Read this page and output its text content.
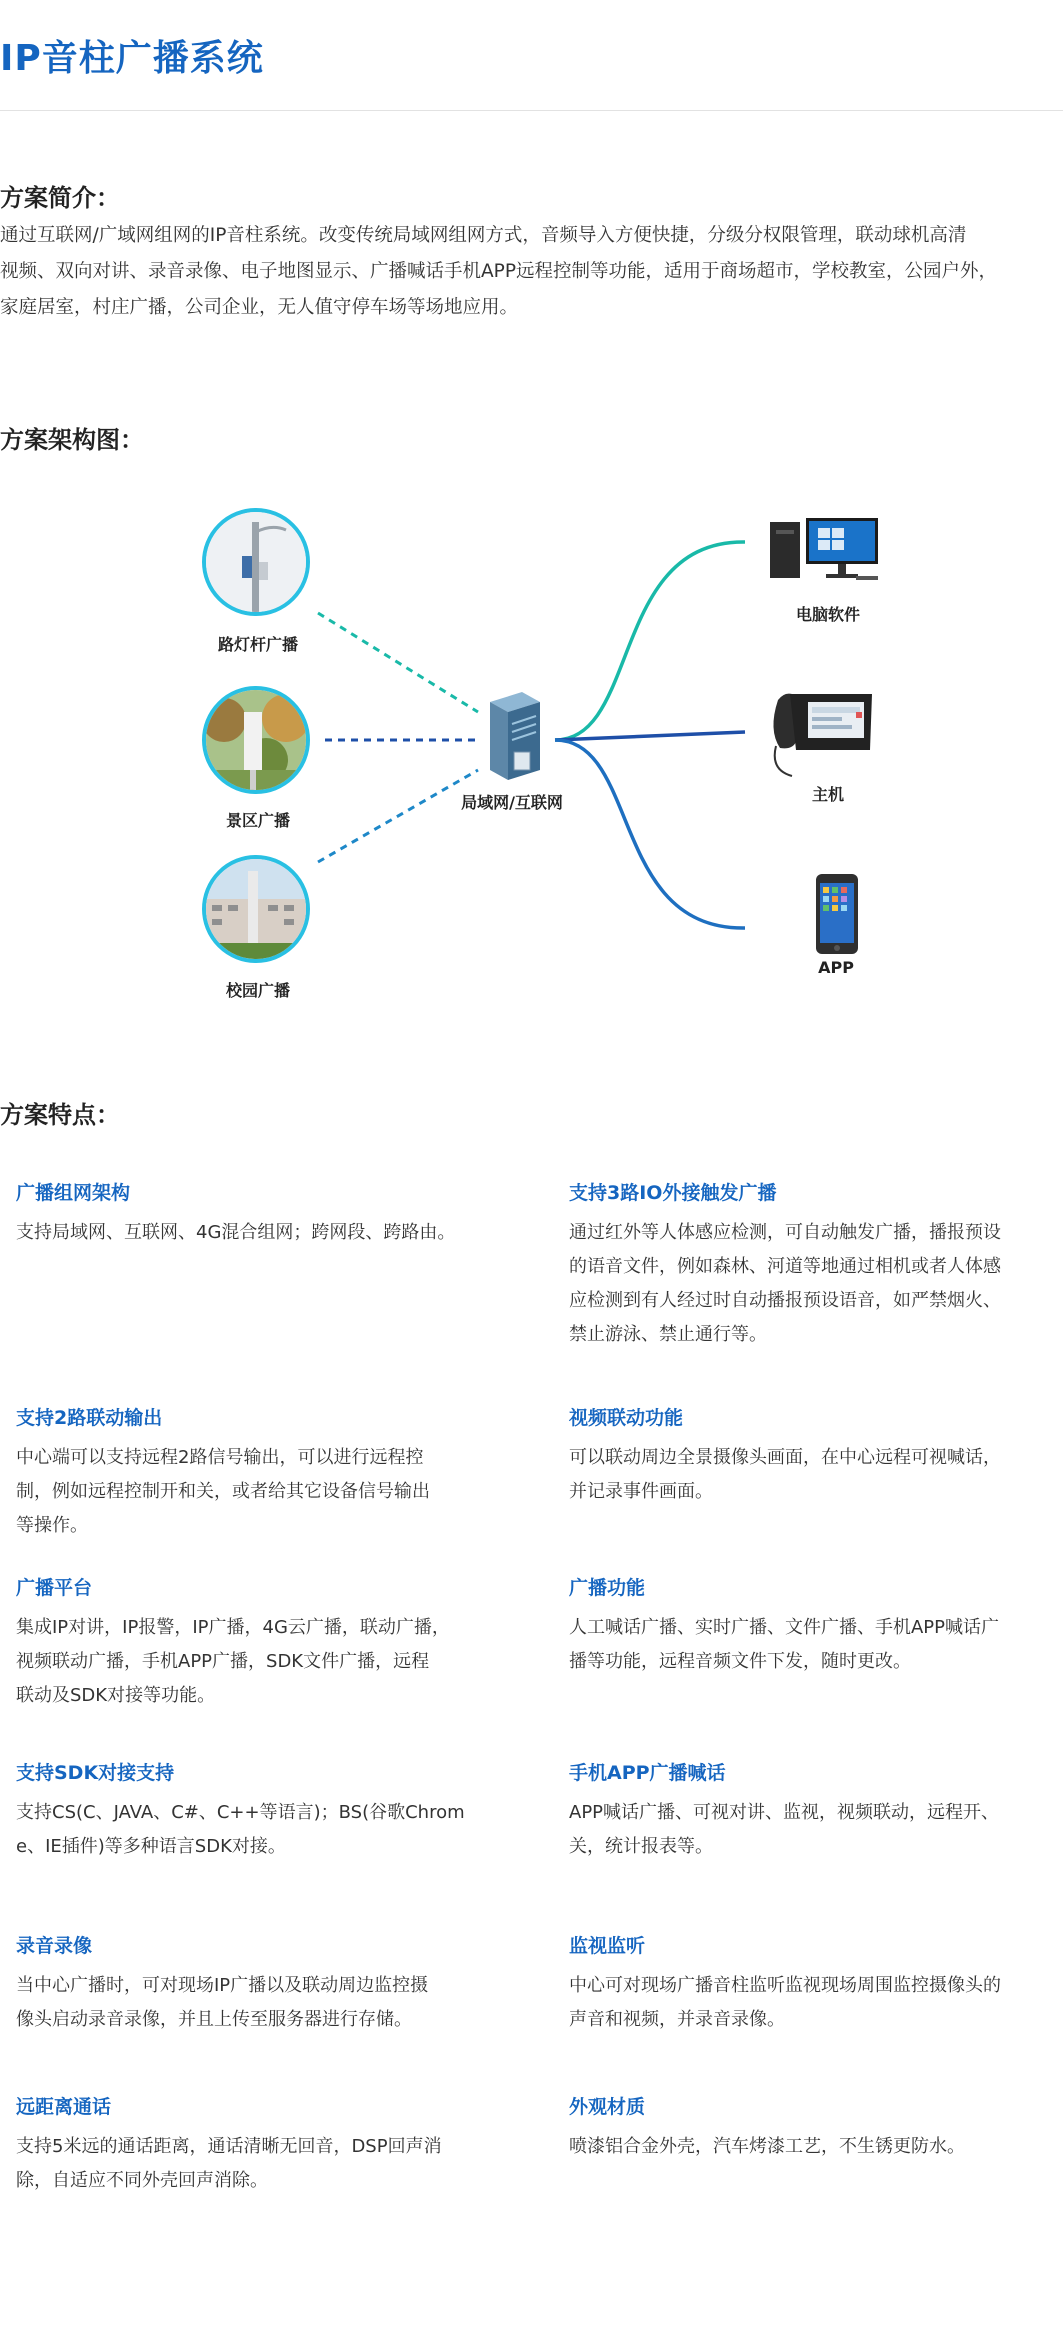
IP音柱广播系统
方案简介：
通过互联网/广域网组网的IP音柱系统。改变传统局域网组网方式，音频导入方便快捷，分级分权限管理，联动球机高清
视频、双向对讲、录音录像、电子地图显示、广播喊话手机APP远程控制等功能，适用于商场超市，学校教室，公园户外，
家庭居室，村庄广播，公司企业，无人值守停车场等场地应用。
方案架构图：
路灯杆广播
景区广播
校园广播
局域网/互联网
电脑软件
主机
APP
方案特点：
广播组网架构
支持局域网、互联网、4G混合组网；跨网段、跨路由。
支持3路IO外接触发广播
通过红外等人体感应检测，可自动触发广播，播报预设
的语音文件，例如森林、河道等地通过相机或者人体感
应检测到有人经过时自动播报预设语音，如严禁烟火、
禁止游泳、禁止通行等。
支持2路联动输出
中心端可以支持远程2路信号输出，可以进行远程控
制，例如远程控制开和关，或者给其它设备信号输出
等操作。
视频联动功能
可以联动周边全景摄像头画面，在中心远程可视喊话，
并记录事件画面。
广播平台
集成IP对讲，IP报警，IP广播，4G云广播，联动广播，
视频联动广播，手机APP广播，SDK文件广播，远程
联动及SDK对接等功能。
广播功能
人工喊话广播、实时广播、文件广播、手机APP喊话广
播等功能，远程音频文件下发，随时更改。
支持SDK对接支持
支持CS(C、JAVA、C#、C++等语言)；BS(谷歌Chrom
e、IE插件)等多种语言SDK对接。
手机APP广播喊话
APP喊话广播、可视对讲、监视，视频联动，远程开、
关，统计报表等。
录音录像
当中心广播时，可对现场IP广播以及联动周边监控摄
像头启动录音录像，并且上传至服务器进行存储。
监视监听
中心可对现场广播音柱监听监视现场周围监控摄像头的
声音和视频，并录音录像。
远距离通话
支持5米远的通话距离，通话清晰无回音，DSP回声消
除，自适应不同外壳回声消除。
外观材质
喷漆铝合金外壳，汽车烤漆工艺，不生锈更防水。
